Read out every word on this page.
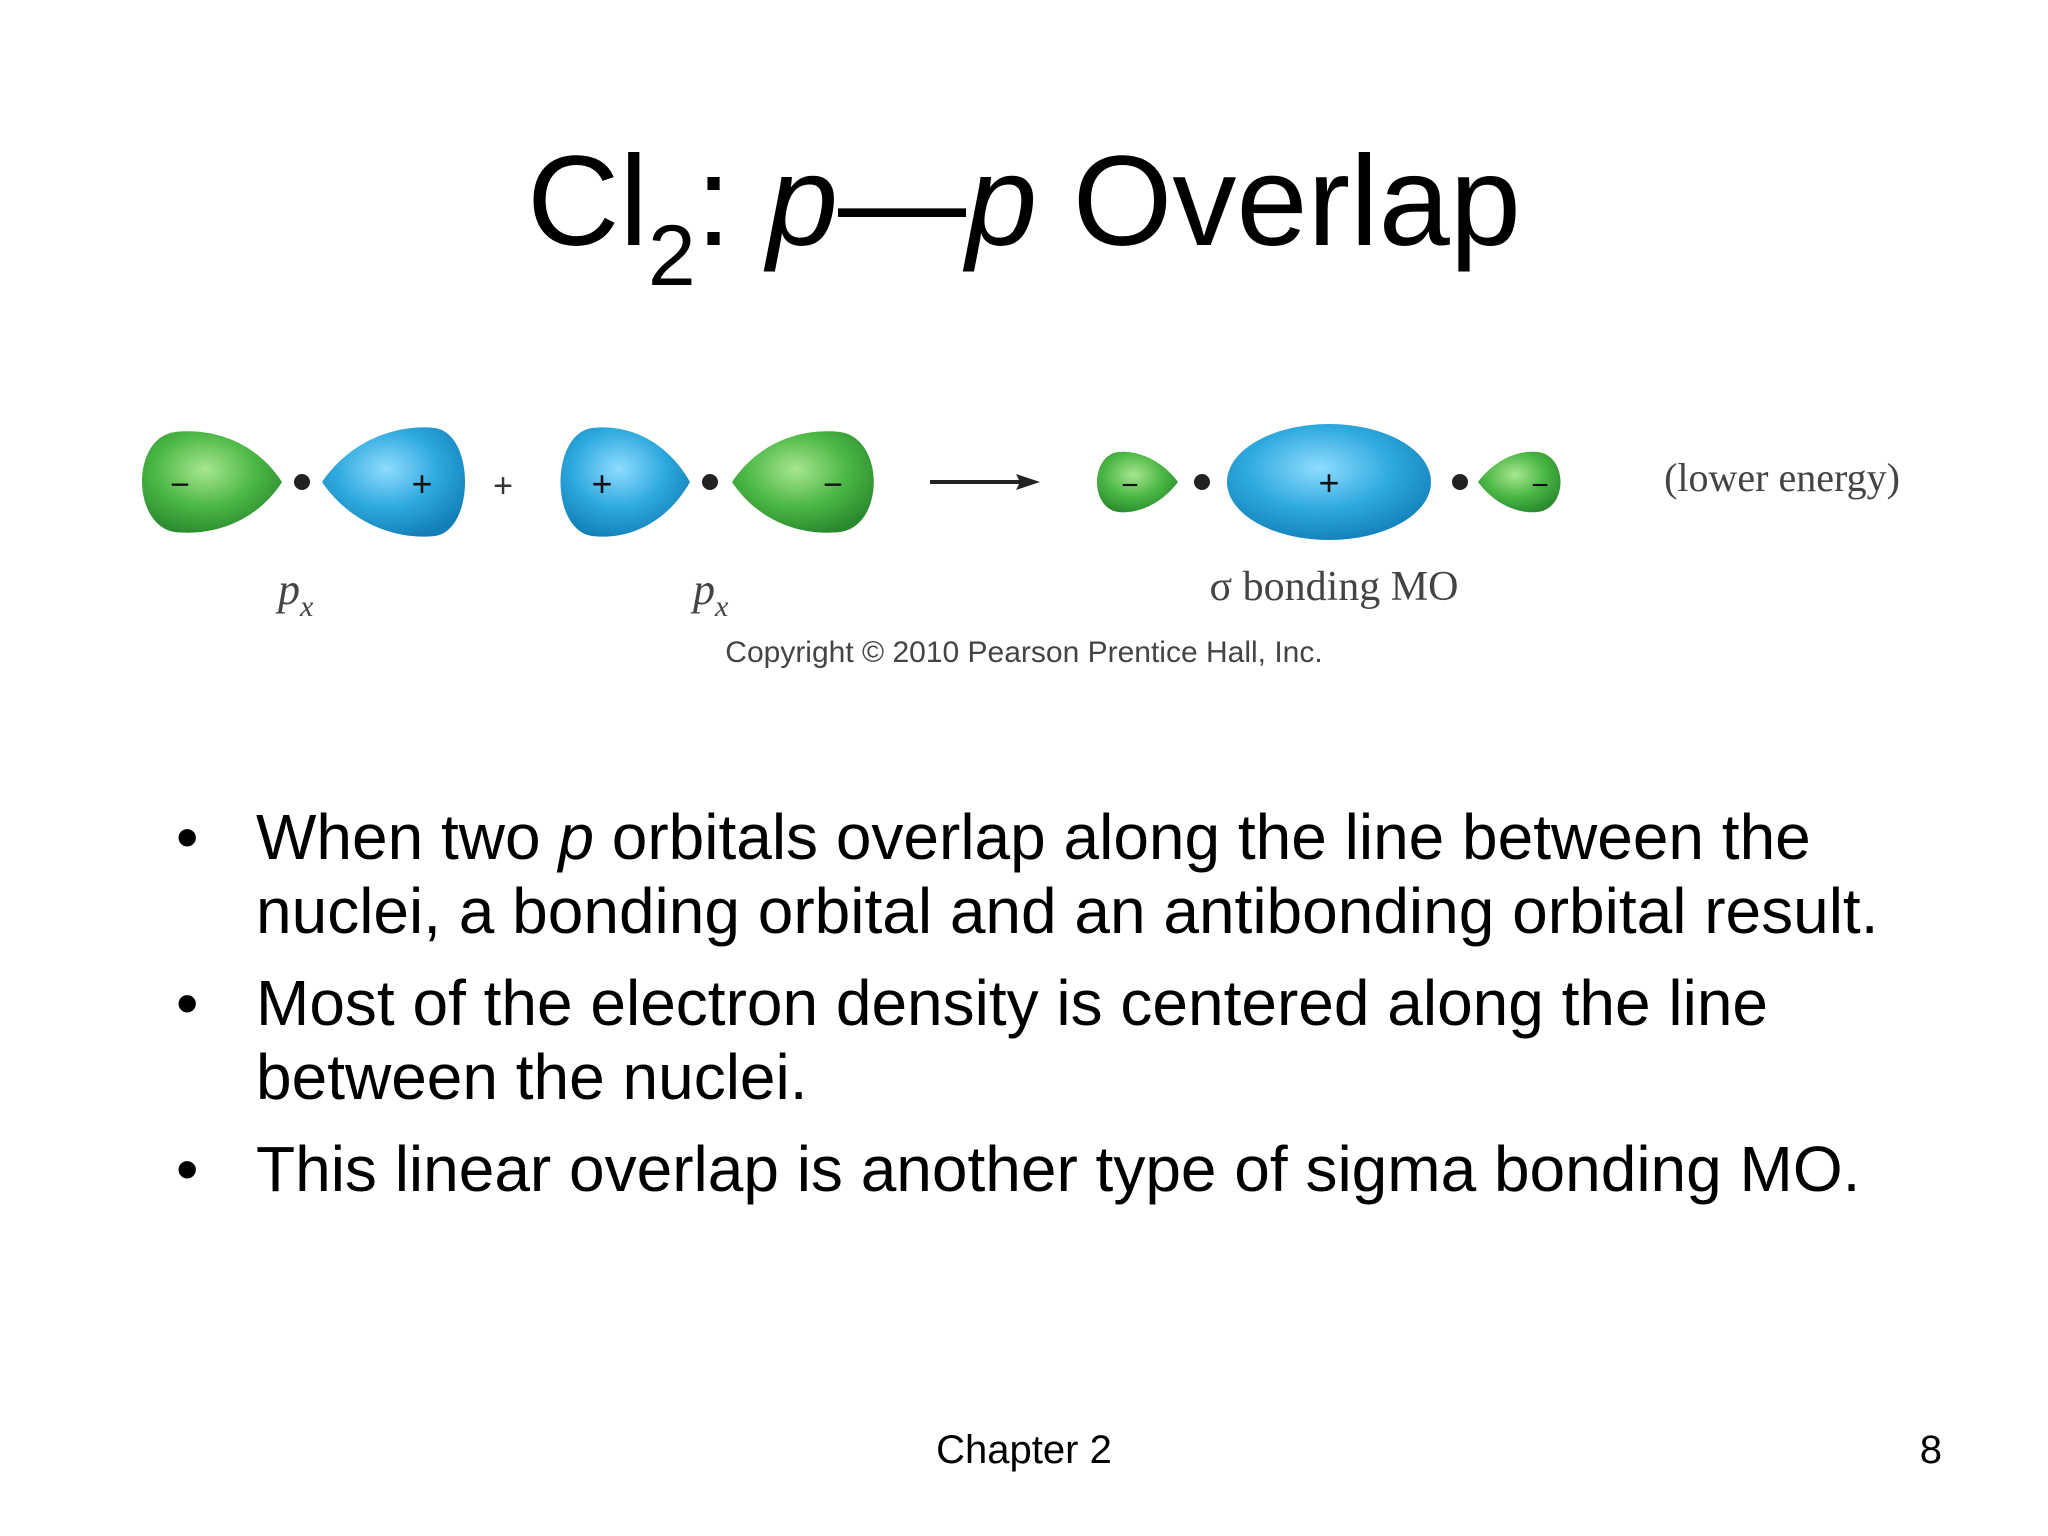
$Cl_2$: p—p Overlap
−	+ + +	−	−	+	−	(lower energy)
$p_x$	$p_x$	σ bonding MO
Copyright © 2010 Pearson Prentice Hall, Inc.
• When two p orbitals overlap along the line between the nuclei, a bonding orbital and an antibonding orbital result.
• Most of the electron density is centered along the line between the nuclei.
• This linear overlap is another type of sigma bonding MO.
Chapter 2	8
